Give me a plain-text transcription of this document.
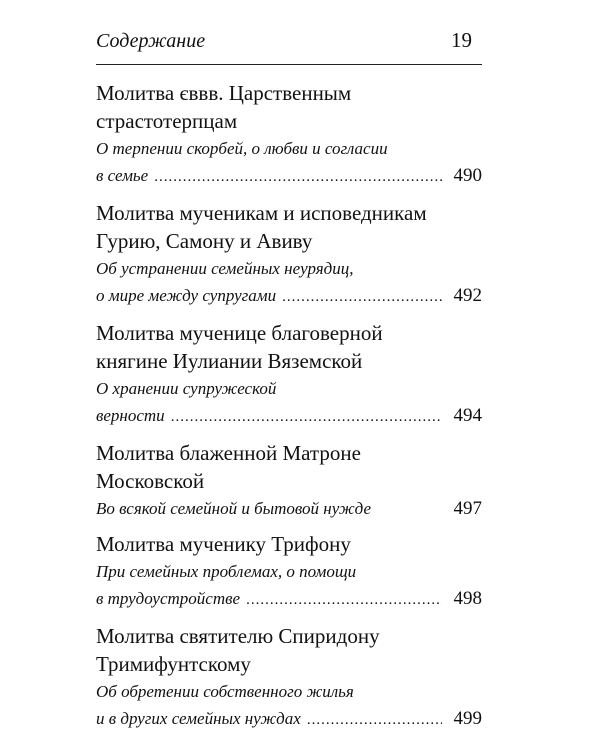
Содержание	19
Молитва єввв. Царственным
страстотерпцам
О терпении скорбей, о любви и согласии
в семье .....	490
Молитва мученикам и исповедникам
Гурию, Самону и Авиву
Об устранении семейных неурядиц,
о мире между супругами .....	492
Молитва мученице благоверной
княгине Иулиании Вяземской
О хранении супружеской
верности .....	494
Молитва блаженной Матроне
Московской
Во всякой семейной и бытовой нужде	497
Молитва мученику Трифону
При семейных проблемах, о помощи
в трудоустройстве .....	498
Молитва святителю Спиридону
Тримифунтскому
Об обретении собственного жилья
и в других семейных нуждах .....	499
